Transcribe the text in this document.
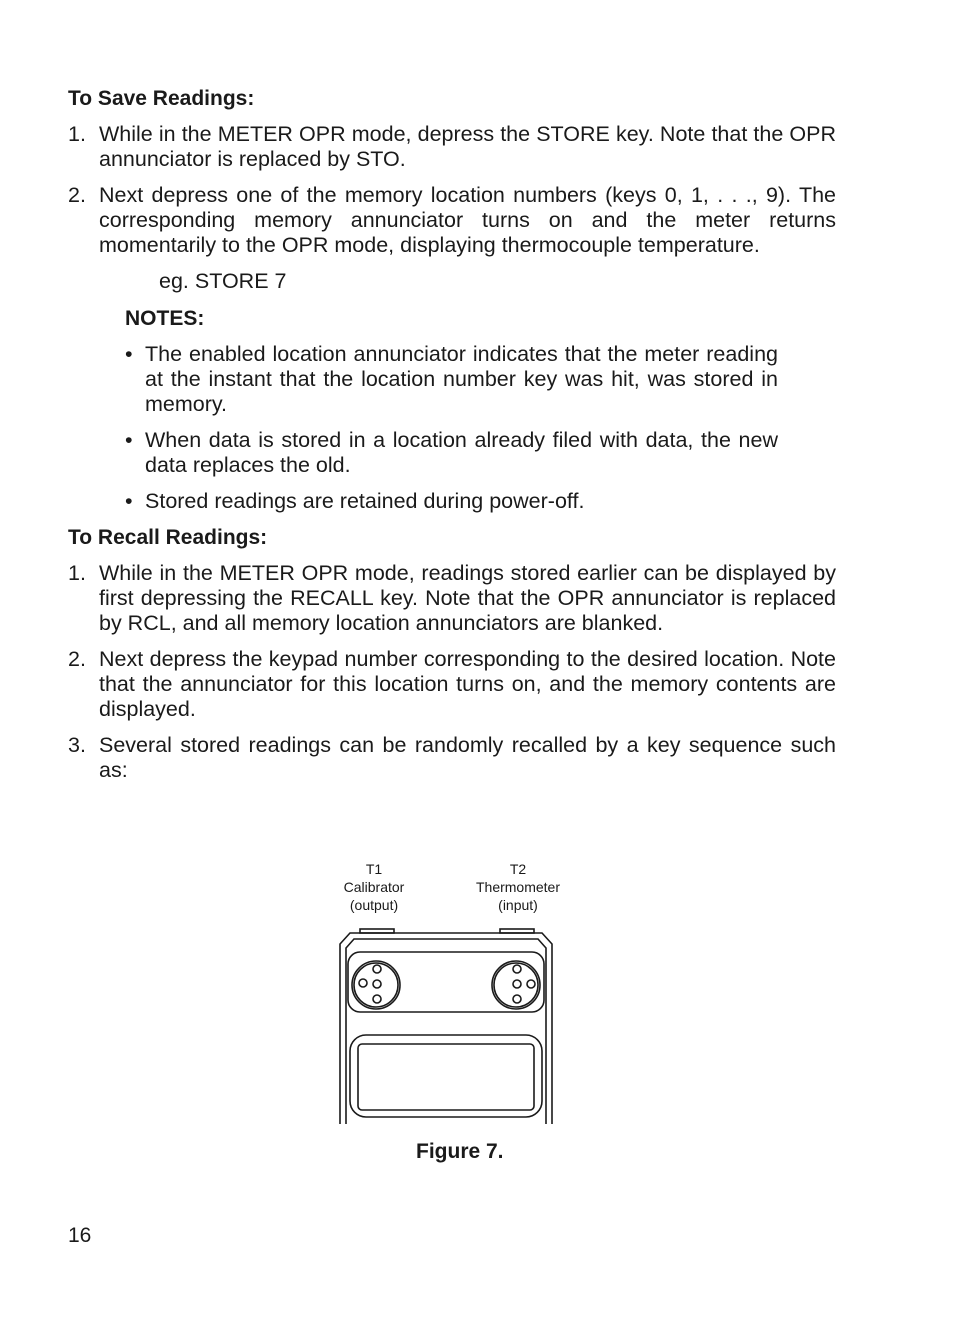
To Save Readings:
1. While in the METER OPR mode, depress the STORE key. Note that the OPR annunciator is replaced by STO.
2. Next depress one of the memory location numbers (keys 0, 1, . . ., 9). The corresponding memory annunciator turns on and the meter returns momentarily to the OPR mode, displaying thermocouple temperature.
eg. STORE 7
NOTES:
• The enabled location annunciator indicates that the meter reading at the instant that the location number key was hit, was stored in memory.
• When data is stored in a location already filed with data, the new data replaces the old.
• Stored readings are retained during power-off.
To Recall Readings:
1. While in the METER OPR mode, readings stored earlier can be displayed by first depressing the RECALL key. Note that the OPR annunciator is replaced by RCL, and all memory location annunciators are blanked.
2. Next depress the keypad number corresponding to the desired location. Note that the annunciator for this location turns on, and the memory contents are displayed.
3. Several stored readings can be randomly recalled by a key sequence such as:
T1
Calibrator
(output)
T2
Thermometer
(input)
Figure 7.
16
